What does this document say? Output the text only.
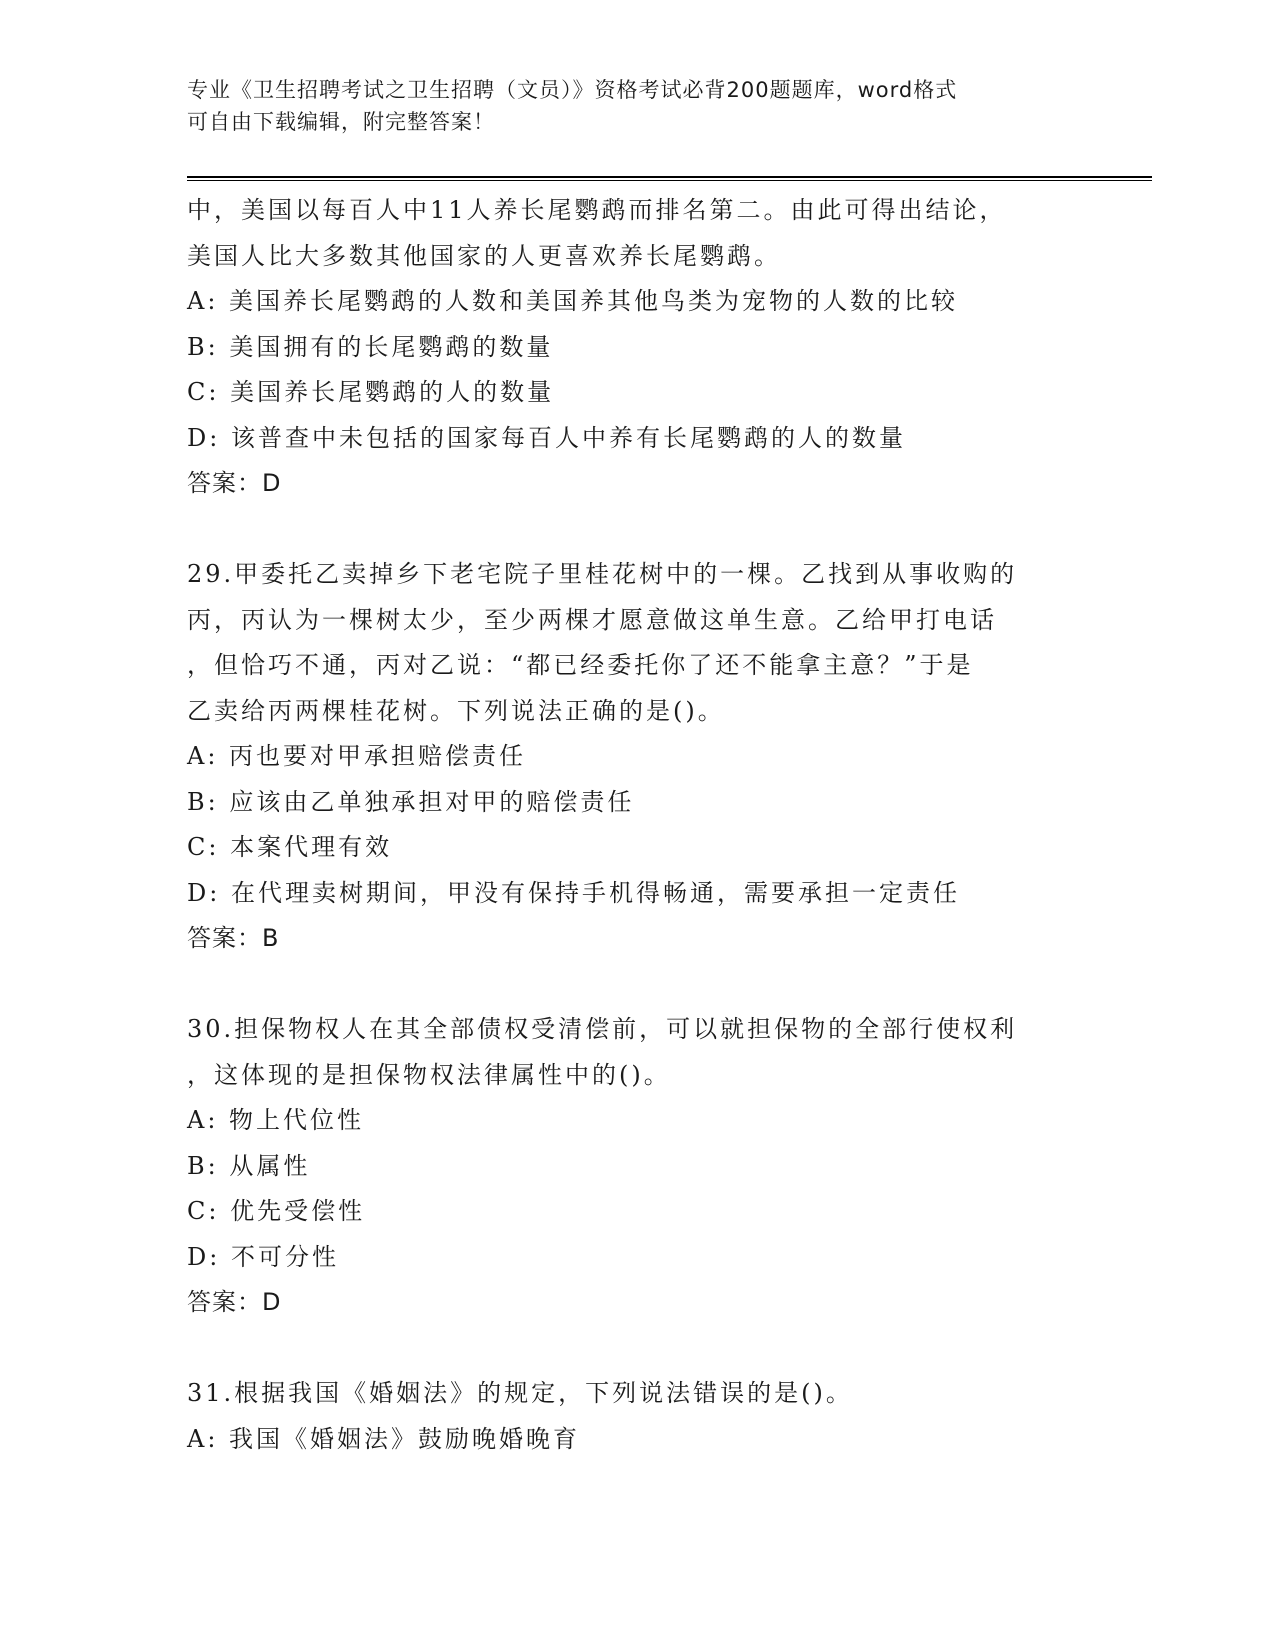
专业《卫生招聘考试之卫生招聘（文员）》资格考试必背200题题库，word格式
可自由下载编辑，附完整答案！
中，美国以每百人中11人养长尾鹦鹉而排名第二。由此可得出结论，
美国人比大多数其他国家的人更喜欢养长尾鹦鹉。
A: 美国养长尾鹦鹉的人数和美国养其他鸟类为宠物的人数的比较
B: 美国拥有的长尾鹦鹉的数量
C: 美国养长尾鹦鹉的人的数量
D: 该普查中未包括的国家每百人中养有长尾鹦鹉的人的数量
答案：D
29.甲委托乙卖掉乡下老宅院子里桂花树中的一棵。乙找到从事收购的
丙，丙认为一棵树太少，至少两棵才愿意做这单生意。乙给甲打电话
，但恰巧不通，丙对乙说：“都已经委托你了还不能拿主意？”于是
乙卖给丙两棵桂花树。下列说法正确的是()。
A: 丙也要对甲承担赔偿责任
B: 应该由乙单独承担对甲的赔偿责任
C: 本案代理有效
D: 在代理卖树期间，甲没有保持手机得畅通，需要承担一定责任
答案：B
30.担保物权人在其全部债权受清偿前，可以就担保物的全部行使权利
，这体现的是担保物权法律属性中的()。
A: 物上代位性
B: 从属性
C: 优先受偿性
D: 不可分性
答案：D
31.根据我国《婚姻法》的规定，下列说法错误的是()。
A: 我国《婚姻法》鼓励晚婚晚育
